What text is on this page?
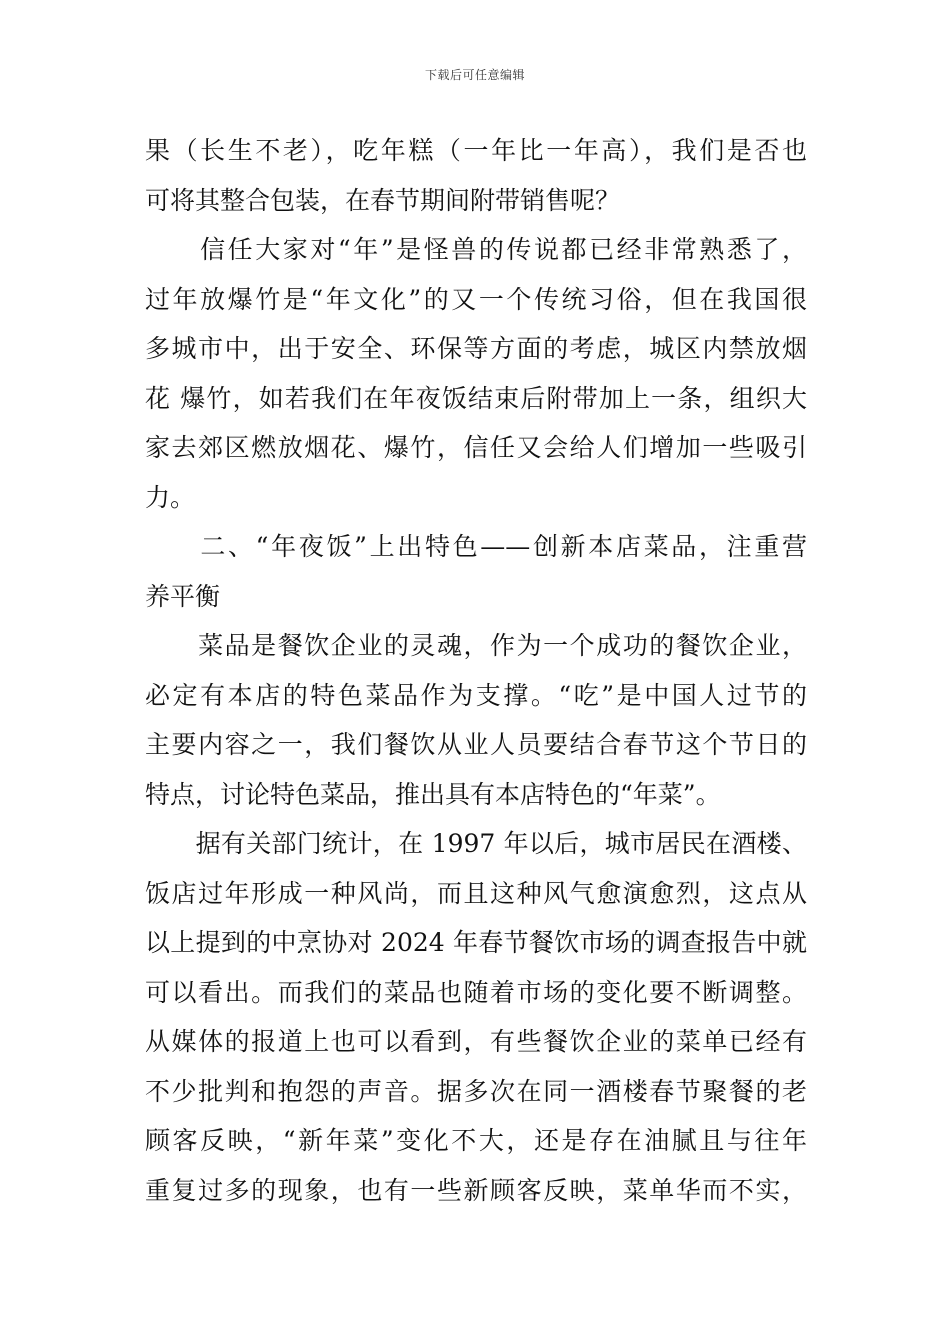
下载后可任意编辑
果（长生不老），吃年糕（一年比一年高），我们是否也
可将其整合包装，在春节期间附带销售呢？
　　信任大家对“年”是怪兽的传说都已经非常熟悉了，
过年放爆竹是“年文化”的又一个传统习俗，但在我国很
多城市中，出于安全、环保等方面的考虑，城区内禁放烟
花 爆竹，如若我们在年夜饭结束后附带加上一条，组织大
家去郊区燃放烟花、爆竹，信任又会给人们增加一些吸引
力。
　　二、“年夜饭”上出特色——创新本店菜品，注重营
养平衡
　　菜品是餐饮企业的灵魂，作为一个成功的餐饮企业，
必定有本店的特色菜品作为支撑。“吃”是中国人过节的
主要内容之一，我们餐饮从业人员要结合春节这个节日的
特点，讨论特色菜品，推出具有本店特色的“年菜”。
　　据有关部门统计，在 1997 年以后，城市居民在酒楼、
饭店过年形成一种风尚，而且这种风气愈演愈烈，这点从
以上提到的中烹协对 2024 年春节餐饮市场的调查报告中就
可以看出。而我们的菜品也随着市场的变化要不断调整。
从媒体的报道上也可以看到，有些餐饮企业的菜单已经有
不少批判和抱怨的声音。据多次在同一酒楼春节聚餐的老
顾客反映，“新年菜”变化不大，还是存在油腻且与往年
重复过多的现象，也有一些新顾客反映，菜单华而不实，
